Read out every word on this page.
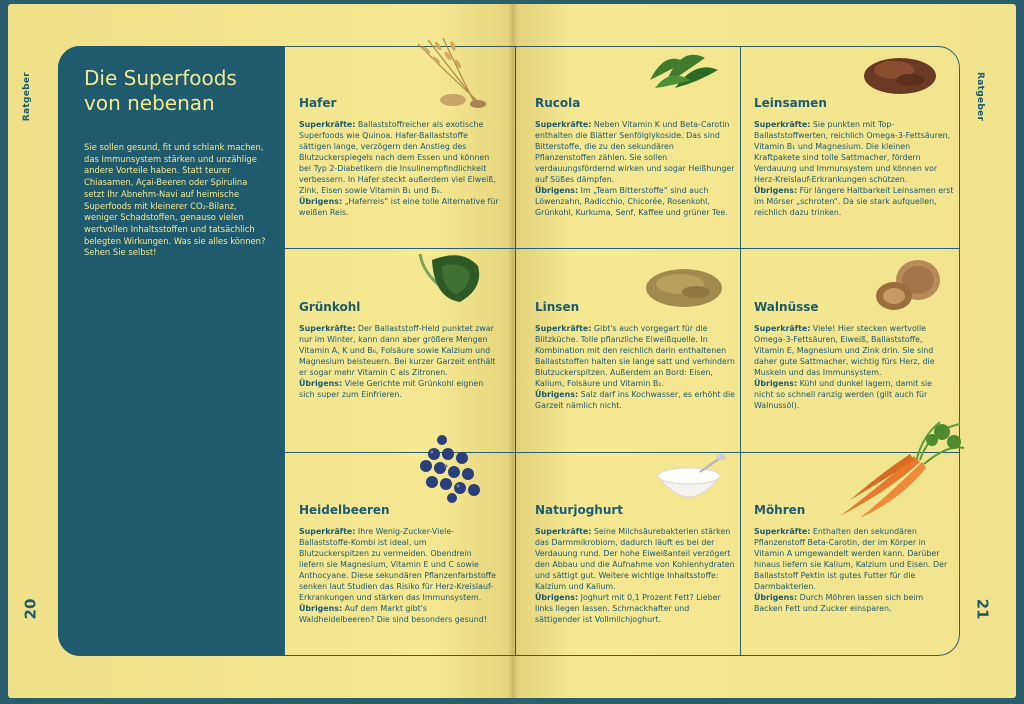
Ratgeber	Ratgeber
20	21
Die Superfoods
von nebenan

Sie sollen gesund, fit und schlank machen, das Immunsystem stärken und unzählige andere Vorteile haben. Statt teurer Chiasamen, Açai-Beeren oder Spirulina setzt Ihr Abnehm-Navi auf heimische Superfoods mit kleinerer CO₂-Bilanz, weniger Schadstoffen, genauso vielen wertvollen Inhaltsstoffen und tatsächlich belegten Wirkungen. Was sie alles können? Sehen Sie selbst!

Hafer

Superkräfte: Ballaststoffreicher als exotische Superfoods wie Quinoa. Hafer-Ballaststoffe sättigen lange, verzögern den Anstieg des Blutzuckerspiegels nach dem Essen und können bei Typ 2-Diabetikern die Insulinempfindlichkeit verbessern. In Hafer steckt außerdem viel Eiweiß, Zink, Eisen sowie Vitamin B₁ und B₆.
Übrigens: „Haferreis“ ist eine tolle Alternative für weißen Reis.

Rucola

Superkräfte: Neben Vitamin K und Beta-Carotin enthalten die Blätter Senfölglykoside. Das sind Bitterstoffe, die zu den sekundären Pflanzenstoffen zählen. Sie sollen verdauungsfördernd wirken und sogar Heißhunger auf Süßes dämpfen.
Übrigens: Im „Team Bitterstoffe“ sind auch Löwenzahn, Radicchio, Chicorée, Rosenkohl, Grünkohl, Kurkuma, Senf, Kaffee und grüner Tee.

Leinsamen

Superkräfte: Sie punkten mit Top-Ballaststoffwerten, reichlich Omega-3-Fettsäuren, Vitamin B₁ und Magnesium. Die kleinen Kraftpakete sind tolle Sattmacher, fördern Verdauung und Immunsystem und können vor Herz-Kreislauf-Erkrankungen schützen.
Übrigens: Für längere Haltbarkeit Leinsamen erst im Mörser „schroten“. Da sie stark aufquellen, reichlich dazu trinken.

Grünkohl

Superkräfte: Der Ballaststoff-Held punktet zwar nur im Winter, kann dann aber größere Mengen Vitamin A, K und B₆, Folsäure sowie Kalzium und Magnesium beisteuern. Bei kurzer Garzeit enthält er sogar mehr Vitamin C als Zitronen.
Übrigens: Viele Gerichte mit Grünkohl eignen sich super zum Einfrieren.

Linsen

Superkräfte: Gibt's auch vorgegart für die Blitzküche. Tolle pflanzliche Eiweißquelle. In Kombination mit den reichlich darin enthaltenen Ballaststoffen halten sie lange satt und verhindern Blutzuckerspitzen. Außerdem an Bord: Eisen, Kalium, Folsäure und Vitamin B₁.
Übrigens: Salz darf ins Kochwasser, es erhöht die Garzeit nämlich nicht.

Walnüsse

Superkräfte: Viele! Hier stecken wertvolle Omega-3-Fettsäuren, Eiweiß, Ballaststoffe, Vitamin E, Magnesium und Zink drin. Sie sind daher gute Sattmacher, wichtig fürs Herz, die Muskeln und das Immunsystem.
Übrigens: Kühl und dunkel lagern, damit sie nicht so schnell ranzig werden (gilt auch für Walnussöl).

Heidelbeeren

Superkräfte: Ihre Wenig-Zucker-Viele-Ballaststoffe-Kombi ist ideal, um Blutzuckerspitzen zu vermeiden. Obendrein liefern sie Magnesium, Vitamin E und C sowie Anthocyane. Diese sekundären Pflanzenfarbstoffe senken laut Studien das Risiko für Herz-Kreislauf-Erkrankungen und stärken das Immunsystem.
Übrigens: Auf dem Markt gibt's Waldheidelbeeren? Die sind besonders gesund!

Naturjoghurt

Superkräfte: Seine Milchsäurebakterien stärken das Darmmikrobiom, dadurch läuft es bei der Verdauung rund. Der hohe Eiweißanteil verzögert den Abbau und die Aufnahme von Kohlenhydraten und sättigt gut. Weitere wichtige Inhaltsstoffe: Kalzium und Kalium.
Übrigens: Joghurt mit 0,1 Prozent Fett? Lieber links liegen lassen. Schmackhafter und sättigender ist Vollmilchjoghurt.

Möhren

Superkräfte: Enthalten den sekundären Pflanzenstoff Beta-Carotin, der im Körper in Vitamin A umgewandelt werden kann. Darüber hinaus liefern sie Kalium, Kalzium und Eisen. Der Ballaststoff Pektin ist gutes Futter für die Darmbakterien.
Übrigens: Durch Möhren lassen sich beim Backen Fett und Zucker einsparen.
